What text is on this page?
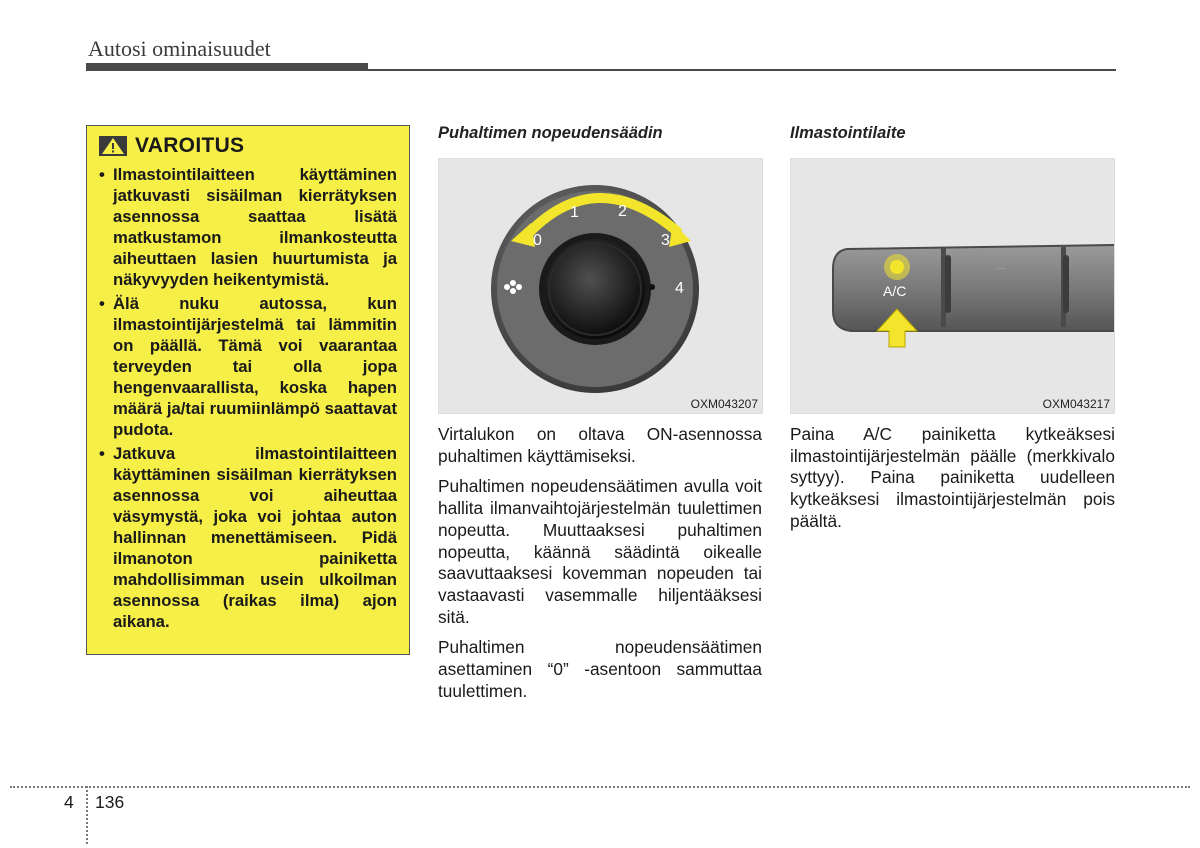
Autosi ominaisuudet
VAROITUS
• Ilmastointilaitteen käyttäminen jatkuvasti sisäilman kierrätyksen asennossa saattaa lisätä matkustamon ilmankosteutta aiheuttaen lasien huurtumista ja näkyvyyden heikentymistä.
• Älä nuku autossa, kun ilmastointijärjestelmä tai lämmitin on päällä. Tämä voi vaarantaa terveyden tai olla jopa hengenvaarallista, koska hapen määrä ja/tai ruumiinlämpö saattavat pudota.
• Jatkuva ilmastointilaitteen käyttäminen sisäilman kierrätyksen asennossa voi aiheuttaa väsymystä, joka voi johtaa auton hallinnan menettämiseen. Pidä ilmanoton painiketta mahdollisimman usein ulkoilman asennossa (raikas ilma) ajon aikana.
Puhaltimen nopeudensäädin
0
1 2
3
4
OXM043207

Virtalukon on oltava ON-asennossa puhaltimen käyttämiseksi.

Puhaltimen nopeudensäätimen avulla voit hallita ilmanvaihtojärjestelmän tuulettimen nopeutta. Muuttaaksesi puhaltimen nopeutta, käännä säädintä oikealle saavuttaaksesi kovemman nopeuden tai vastaavasti vasemmalle hiljentääksesi sitä.

Puhaltimen nopeudensäätimen asettaminen “0” -asentoon sammuttaa tuulettimen.

Ilmastointilaite
A/C
···
OXM043217

Paina A/C painiketta kytkeäksesi ilmastointijärjestelmän päälle (merkkivalo syttyy). Paina painiketta uudelleen kytkeäksesi ilmastointijärjestelmän pois päältä.

4 136
